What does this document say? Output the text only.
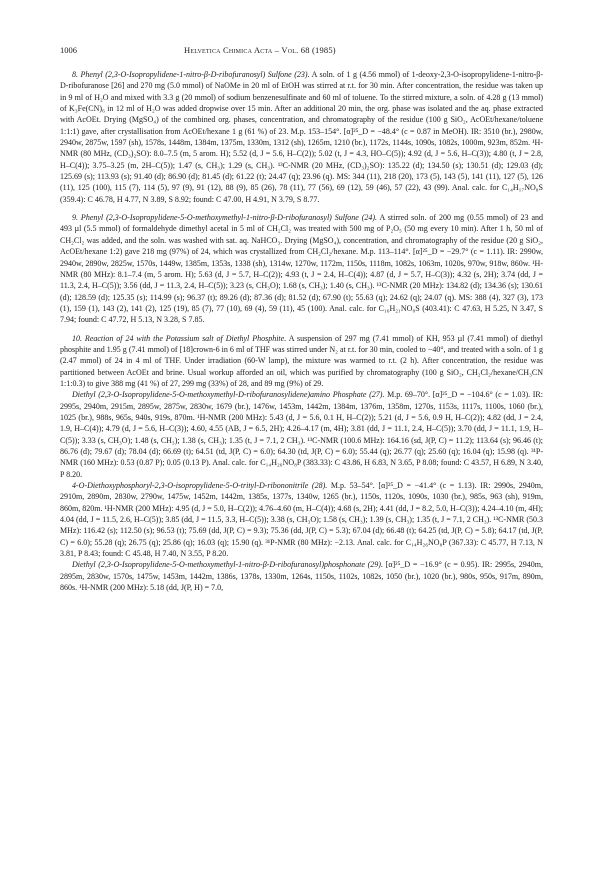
1006	Helvetica Chimica Acta – Vol. 68 (1985)

8. Phenyl (2,3-O-Isopropylidene-1-nitro-β-D-ribofuranosyl) Sulfone (23). A soln. of 1 g (4.56 mmol) of 1-deoxy-2,3-O-isopropylidene-1-nitro-β-D-ribofuranose [26] and 270 mg (5.0 mmol) of NaOMe in 20 ml of EtOH was stirred at r.t. for 30 min. After concentration, the residue was taken up in 9 ml of H₂O and mixed with 3.3 g (20 mmol) of sodium benzenesulfinate and 60 ml of toluene. To the stirred mixture, a soln. of 4.28 g (13 mmol) of K₃Fe(CN)₆ in 12 ml of H₂O was added dropwise over 15 min. After an additional 20 min, the org. phase was isolated and the aq. phase extracted with AcOEt. Drying (MgSO₄) of the combined org. phases, concentration, and chromatography of the residue (100 g SiO₂, AcOEt/hexane/toluene 1:1:1) gave, after crystallisation from AcOEt/hexane 1 g (61 %) of 23. M.p. 153–154°. [α]²⁵_D = −48.4° (c = 0.87 in MeOH). IR: 3510 (br.), 2980w, 2940w, 2875w, 1597 (sh), 1578s, 1448m, 1384m, 1375m, 1330m, 1312 (sh), 1265m, 1210 (br.), 1172s, 1144s, 1090s, 1082s, 1000m, 923m, 852m. ¹H-NMR (80 MHz, (CD₃)₂SO): 8.0–7.5 (m, 5 arom. H); 5.52 (d, J = 5.6, H–C(2)); 5.02 (t, J = 4.3, HO–C(5)); 4.92 (d, J = 5.6, H–C(3)); 4.80 (t, J = 2.8, H–C(4)); 3.75–3.25 (m, 2H–C(5)); 1.47 (s, CH₃); 1.29 (s, CH₃). ¹³C-NMR (20 MHz, (CD₃)₂SO): 135.22 (d); 134.50 (s); 130.51 (d); 129.03 (d); 125.69 (s); 113.93 (s); 91.40 (d); 86.90 (d); 81.45 (d); 61.22 (t); 24.47 (q); 23.96 (q). MS: 344 (11), 218 (20), 173 (5), 143 (5), 141 (11), 127 (5), 126 (11), 125 (100), 115 (7), 114 (5), 97 (9), 91 (12), 88 (9), 85 (26), 78 (11), 77 (56), 69 (12), 59 (46), 57 (22), 43 (99). Anal. calc. for C₁₄H₁₇NO₈S (359.4): C 46.78, H 4.77, N 3.89, S 8.92; found: C 47.00, H 4.91, N 3.79, S 8.77.

9. Phenyl (2,3-O-Isopropylidene-5-O-methoxymethyl-1-nitro-β-D-ribofuranosyl) Sulfone (24). A stirred soln. of 200 mg (0.55 mmol) of 23 and 493 µl (5.5 mmol) of formaldehyde dimethyl acetal in 5 ml of CH₂Cl₂ was treated with 500 mg of P₂O₅ (50 mg every 10 min). After 1 h, 50 ml of CH₂Cl₂ was added, and the soln. was washed with sat. aq. NaHCO₃. Drying (MgSO₄), concentration, and chromatography of the residue (20 g SiO₂, AcOEt/hexane 1:2) gave 218 mg (97%) of 24, which was crystallized from CH₂Cl₂/hexane. M.p. 113–114°. [α]²⁵_D = −29.7° (c = 1.11). IR: 2990w, 2940w, 2890w, 2825w, 1570s, 1449w, 1385m, 1353s, 1338 (sh), 1314w, 1270w, 1172m, 1150s, 1118m, 1082s, 1063m, 1020s, 970w, 918w, 860w. ¹H-NMR (80 MHz): 8.1–7.4 (m, 5 arom. H); 5.63 (d, J = 5.7, H–C(2)); 4.93 (t, J = 2.4, H–C(4)); 4.87 (d, J = 5.7, H–C(3)); 4.32 (s, 2H); 3.74 (dd, J = 11.3, 2.4, H–C(5)); 3.56 (dd, J = 11.3, 2.4, H–C(5)); 3.23 (s, CH₃O); 1.68 (s, CH₃); 1.40 (s, CH₃). ¹³C-NMR (20 MHz): 134.82 (d); 134.36 (s); 130.61 (d); 128.59 (d); 125.35 (s); 114.99 (s); 96.37 (t); 89.26 (d); 87.36 (d); 81.52 (d); 67.90 (t); 55.63 (q); 24.62 (q); 24.07 (q). MS: 388 (4), 327 (3), 173 (1), 159 (1), 143 (2), 141 (2), 125 (19), 85 (7), 77 (10), 69 (4), 59 (11), 45 (100). Anal. calc. for C₁₆H₂₁NO₈S (403.41): C 47.63, H 5.25, N 3.47, S 7.94; found: C 47.72, H 5.13, N 3.28, S 7.85.

10. Reaction of 24 with the Potassium salt of Diethyl Phosphite. A suspension of 297 mg (7.41 mmol) of KH, 953 µl (7.41 mmol) of diethyl phosphite and 1.95 g (7.41 mmol) of [18]crown-6 in 6 ml of THF was stirred under N₂ at r.t. for 30 min, cooled to −40°, and treated with a soln. of 1 g (2.47 mmol) of 24 in 4 ml of THF. Under irradiation (60-W lamp), the mixture was warmed to r.t. (2 h). After concentration, the residue was partitioned between AcOEt and brine. Usual workup afforded an oil, which was purified by chromatography (100 g SiO₂, CH₂Cl₂/hexane/CH₃CN 1:1:0.3) to give 388 mg (41 %) of 27, 299 mg (33%) of 28, and 89 mg (9%) of 29.

Diethyl (2,3-O-Isopropylidene-5-O-methoxymethyl-D-ribofuranosylidene)amino Phosphate (27). M.p. 69–70°. [α]²⁵_D = −104.6° (c = 1.03). IR: 2995s, 2940m, 2915m, 2895w, 2875w, 2830w, 1679 (br.), 1476w, 1453m, 1442m, 1384m, 1376m, 1358m, 1270s, 1153s, 1117s, 1100s, 1060 (br.), 1025 (br.), 988s, 965s, 940s, 919s, 870m. ¹H-NMR (200 MHz): 5.43 (d, J = 5.6, 0.1 H, H–C(2)); 5.21 (d, J = 5.6, 0.9 H, H–C(2)); 4.82 (dd, J = 2.4, 1.9, H–C(4)); 4.79 (d, J = 5.6, H–C(3)); 4.60, 4.55 (AB, J = 6.5, 2H); 4.26–4.17 (m, 4H); 3.81 (dd, J = 11.1, 2.4, H–C(5)); 3.70 (dd, J = 11.1, 1.9, H–C(5)); 3.33 (s, CH₃O); 1.48 (s, CH₃); 1.38 (s, CH₃); 1.35 (t, J = 7.1, 2 CH₃). ¹³C-NMR (100.6 MHz): 164.16 (sd, J(P, C) = 11.2); 113.64 (s); 96.46 (t); 86.76 (d); 79.67 (d); 78.04 (d); 66.69 (t); 64.51 (td, J(P, C) = 6.0); 64.30 (td, J(P, C) = 6.0); 55.44 (q); 26.77 (q); 25.60 (q); 16.04 (q); 15.98 (q). ³¹P-NMR (160 MHz): 0.53 (0.87 P); 0.05 (0.13 P). Anal. calc. for C₁₄H₂₆NO₈P (383.33): C 43.86, H 6.83, N 3.65, P 8.08; found: C 43.57, H 6.89, N 3.40, P 8.20.

4-O-Diethoxyphosphoryl-2,3-O-isopropylidene-5-O-trityl-D-ribononitrile (28). M.p. 53–54°. [α]²⁵_D = −41.4° (c = 1.13). IR: 2990s, 2940m, 2910m, 2890m, 2830w, 2790w, 1475w, 1452m, 1442m, 1385s, 1377s, 1340w, 1265 (br.), 1150s, 1120s, 1090s, 1030 (br.), 985s, 963 (sh), 919m, 860m, 820m. ¹H-NMR (200 MHz): 4.95 (d, J = 5.0, H–C(2)); 4.76–4.60 (m, H–C(4)); 4.68 (s, 2H); 4.41 (dd, J = 8.2, 5.0, H–C(3)); 4.24–4.10 (m, 4H); 4.04 (dd, J = 11.5, 2.6, H–C(5)); 3.85 (dd, J = 11.5, 3.3, H–C(5)); 3.38 (s, CH₃O); 1.58 (s, CH₃); 1.39 (s, CH₃); 1.35 (t, J = 7.1, 2 CH₃). ¹³C-NMR (50.3 MHz): 116.42 (s); 112.50 (s); 96.53 (t); 75.69 (dd, J(P, C) = 9.3); 75.36 (dd, J(P, C) = 5.3); 67.04 (d); 66.48 (t); 64.25 (td, J(P, C) = 5.8); 64.17 (td, J(P, C) = 6.0); 55.28 (q); 26.75 (q); 25.86 (q); 16.03 (q); 15.90 (q). ³¹P-NMR (80 MHz): −2.13. Anal. calc. for C₁₄H₂₆NO₈P (367.33): C 45.77, H 7.13, N 3.81, P 8.43; found: C 45.48, H 7.40, N 3.55, P 8.20.

Diethyl (2,3-O-Isopropylidene-5-O-methoxymethyl-1-nitro-β-D-ribofuranosyl)phosphonate (29). [α]²⁵_D = −16.9° (c = 0.95). IR: 2995s, 2940m, 2895m, 2830w, 1570s, 1475w, 1453m, 1442m, 1386s, 1378s, 1330m, 1264s, 1150s, 1102s, 1082s, 1050 (br.), 1020 (br.), 980s, 950s, 917m, 890m, 860s. ¹H-NMR (200 MHz): 5.18 (dd, J(P, H) = 7.0,
